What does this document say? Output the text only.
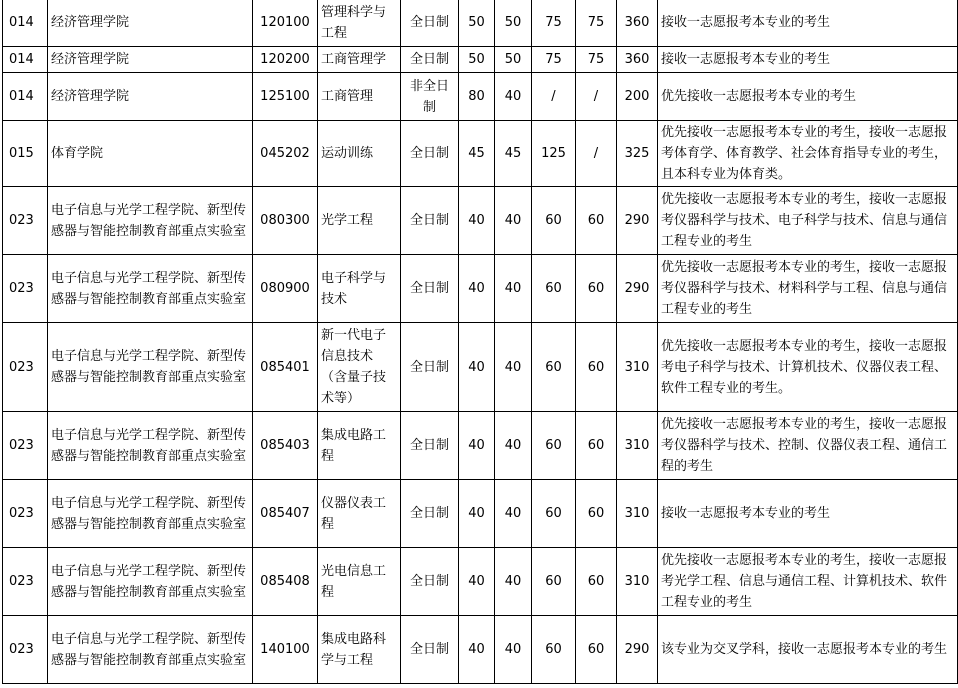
014	经济管理学院	120100	管理科学与工程	全日制	50	50	75	75	360	接收一志愿报考本专业的考生
014	经济管理学院	120200	工商管理学	全日制	50	50	75	75	360	接收一志愿报考本专业的考生
014	经济管理学院	125100	工商管理	非全日制	80	40	/	/	200	优先接收一志愿报考本专业的考生
015	体育学院	045202	运动训练	全日制	45	45	125	/	325	优先接收一志愿报考本专业的考生，接收一志愿报考体育学、体育教学、社会体育指导专业的考生，且本科专业为体育类。
023	电子信息与光学工程学院、新型传感器与智能控制教育部重点实验室	080300	光学工程	全日制	40	40	60	60	290	优先接收一志愿报考本专业的考生，接收一志愿报考仪器科学与技术、电子科学与技术、信息与通信工程专业的考生
023	电子信息与光学工程学院、新型传感器与智能控制教育部重点实验室	080900	电子科学与技术	全日制	40	40	60	60	290	优先接收一志愿报考本专业的考生，接收一志愿报考仪器科学与技术、材料科学与工程、信息与通信工程专业的考生
023	电子信息与光学工程学院、新型传感器与智能控制教育部重点实验室	085401	新一代电子信息技术（含量子技术等）	全日制	40	40	60	60	310	优先接收一志愿报考本专业的考生，接收一志愿报考电子科学与技术、计算机技术、仪器仪表工程、软件工程专业的考生。
023	电子信息与光学工程学院、新型传感器与智能控制教育部重点实验室	085403	集成电路工程	全日制	40	40	60	60	310	优先接收一志愿报考本专业的考生，接收一志愿报考仪器科学与技术、控制、仪器仪表工程、通信工程的考生
023	电子信息与光学工程学院、新型传感器与智能控制教育部重点实验室	085407	仪器仪表工程	全日制	40	40	60	60	310	接收一志愿报考本专业的考生
023	电子信息与光学工程学院、新型传感器与智能控制教育部重点实验室	085408	光电信息工程	全日制	40	40	60	60	310	优先接收一志愿报考本专业的考生，接收一志愿报考光学工程、信息与通信工程、计算机技术、软件工程专业的考生
023	电子信息与光学工程学院、新型传感器与智能控制教育部重点实验室	140100	集成电路科学与工程	全日制	40	40	60	60	290	该专业为交叉学科，接收一志愿报考本专业的考生
